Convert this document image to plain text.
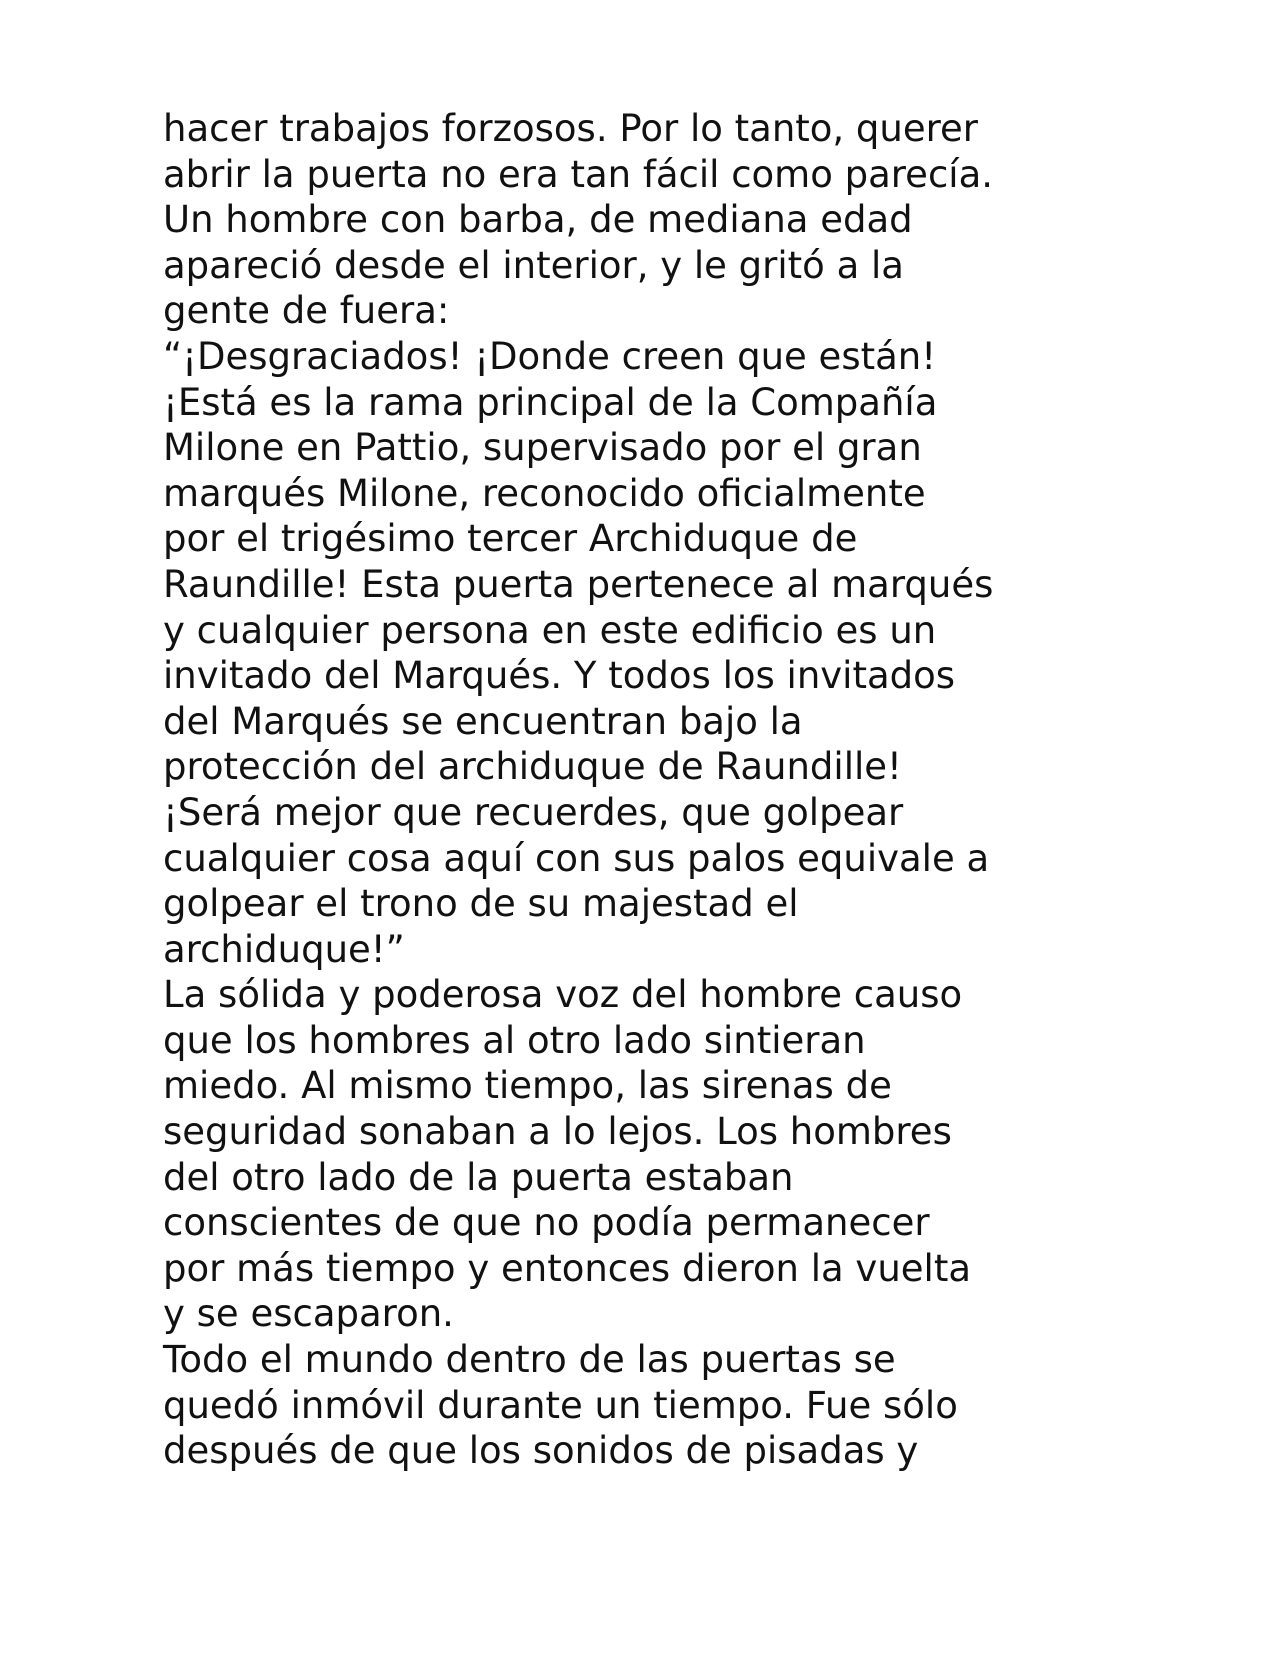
hacer trabajos forzosos. Por lo tanto, querer
abrir la puerta no era tan fácil como parecía.
Un hombre con barba, de mediana edad
apareció desde el interior, y le gritó a la
gente de fuera:
“¡Desgraciados! ¡Donde creen que están!
¡Está es la rama principal de la Compañía
Milone en Pattio, supervisado por el gran
marqués Milone, reconocido oficialmente
por el trigésimo tercer Archiduque de
Raundille! Esta puerta pertenece al marqués
y cualquier persona en este edificio es un
invitado del Marqués. Y todos los invitados
del Marqués se encuentran bajo la
protección del archiduque de Raundille!
¡Será mejor que recuerdes, que golpear
cualquier cosa aquí con sus palos equivale a
golpear el trono de su majestad el
archiduque!”
La sólida y poderosa voz del hombre causo
que los hombres al otro lado sintieran
miedo. Al mismo tiempo, las sirenas de
seguridad sonaban a lo lejos. Los hombres
del otro lado de la puerta estaban
conscientes de que no podía permanecer
por más tiempo y entonces dieron la vuelta
y se escaparon.
Todo el mundo dentro de las puertas se
quedó inmóvil durante un tiempo. Fue sólo
después de que los sonidos de pisadas y
